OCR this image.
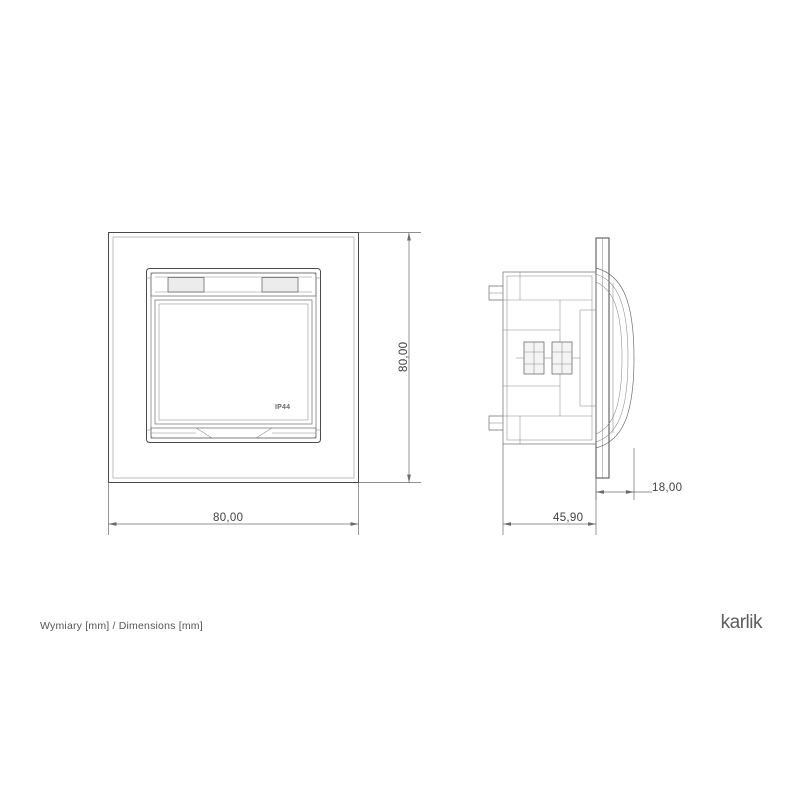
IP44
80,00
80,00
45,90
18,00
Wymiary [mm] / Dimensions [mm]	karlik
